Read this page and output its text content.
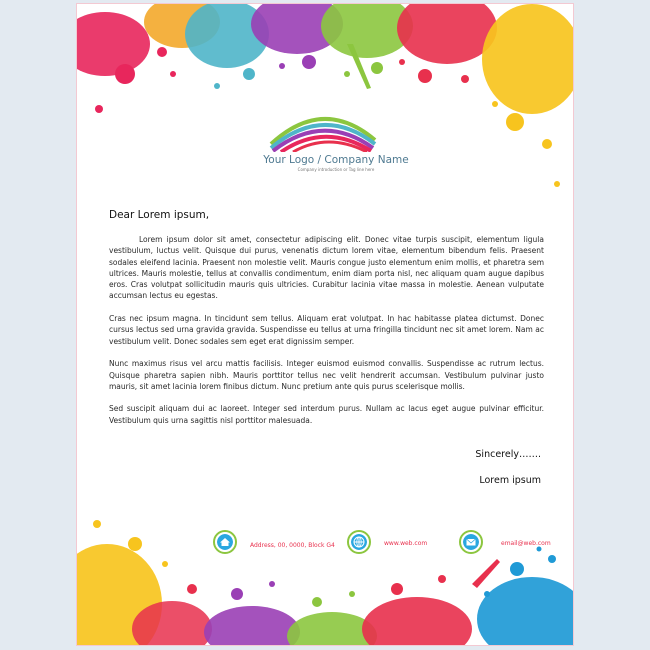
Your Logo / Company Name
Company introduction or Tag line here
Dear Lorem ipsum,

Lorem ipsum dolor sit amet, consectetur adipiscing elit. Donec vitae turpis suscipit, elementum ligula vestibulum, luctus velit. Quisque dui purus, venenatis dictum lorem vitae, elementum bibendum felis. Praesent sodales eleifend lacinia. Praesent non molestie velit. Mauris congue justo elementum enim mollis, et pharetra sem ultrices. Mauris molestie, tellus at convallis condimentum, enim diam porta nisl, nec aliquam quam augue dapibus eros. Cras volutpat sollicitudin mauris quis ultricies. Curabitur lacinia vitae massa in molestie. Aenean vulputate accumsan lectus eu egestas.

Cras nec ipsum magna. In tincidunt sem tellus. Aliquam erat volutpat. In hac habitasse platea dictumst. Donec cursus lectus sed urna gravida gravida. Suspendisse eu tellus at urna fringilla tincidunt nec sit amet lorem. Nam ac vestibulum velit. Donec sodales sem eget erat dignissim semper.

Nunc maximus risus vel arcu mattis facilisis. Integer euismod euismod convallis. Suspendisse ac rutrum lectus. Quisque pharetra sapien nibh. Mauris porttitor tellus nec velit hendrerit accumsan. Vestibulum pulvinar justo mauris, sit amet lacinia lorem finibus dictum. Nunc pretium ante quis purus scelerisque mollis.

Sed suscipit aliquam dui ac laoreet. Integer sed interdum purus. Nullam ac lacus eget augue pulvinar efficitur. Vestibulum quis urna sagittis nisl porttitor malesuada.

Sincerely…….
Lorem ipsum
Address, 00, 0000, Block G4	www.web.com	email@web.com
